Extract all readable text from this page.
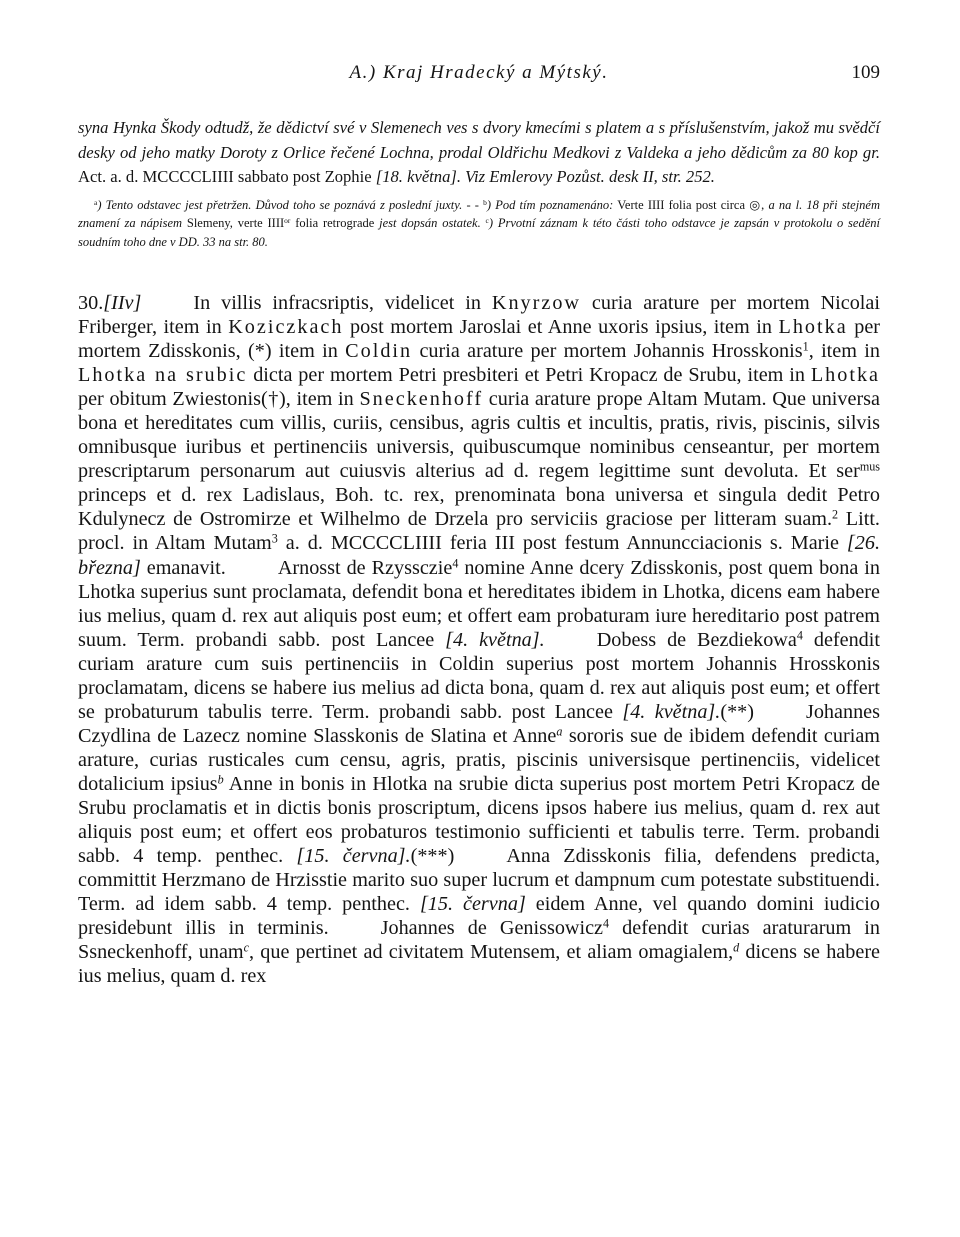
A.) Kraj Hradecký a Mýtský.	109

syna Hynka Škody odtudž, že dědictví své v Slemenech ves s dvory kmecími s platem a s příslušenstvím, jakož mu svědčí desky od jeho matky Doroty z Orlice řečené Lochna, prodal Oldřichu Medkovi z Valdeka a jeho dědicům za 80 kop gr. Act. a. d. MCCCCLIIII sabbato post Zophie [18. května]. Viz Emlerovy Pozůst. desk II, str. 252.

$^a$) Tento odstavec jest přetržen. Důvod toho se poznává z poslední juxty. - - $^b$) Pod tím poznamenáno: Verte IIII folia post circa ◎, a na l. 18 při stejném znamení za nápisem Slemeny, verte $IIII^{or}$ folia retrograde jest dopsán ostatek. $^c$) Prvotní záznam k této části toho odstavce je zapsán v protokolu o sedění soudním toho dne v DD. 33 na str. 80.

30.[IIv]	In villis infracsriptis, videlicet in Knyrzow curia arature per mortem Nicolai Friberger, item in Koziczkach post mortem Jaroslai et Anne uxoris ipsius, item in Lhotka per mortem Zdisskonis, (*) item in Coldin curia arature per mortem Johannis Hrosskonis$^1$, item in Lhotka na srubic dicta per mortem Petri presbiteri et Petri Kropacz de Srubu, item in Lhotka per obitum Zwiestonis(†), item in Sneckenhoff curia arature prope Altam Mutam. Que universa bona et hereditates cum villis, curiis, censibus, agris cultis et incultis, pratis, rivis, piscinis, silvis omnibusque iuribus et pertinenciis universis, quibuscumque nominibus censeantur, per mortem prescriptarum personarum aut cuiusvis alterius ad d. regem legittime sunt devoluta. Et ser$^{mus}$ princeps et d. rex Ladislaus, Boh. tc. rex, prenominata bona universa et singula dedit Petro Kdulynecz de Ostromirze et Wilhelmo de Drzela pro serviciis graciose per litteram suam.$^2$ Litt. procl. in Altam Mutam$^3$ a. d. MCCCCLIIII feria III post festum Annuncciacionis s. Marie [26. března] emanavit.	Arnosst de Rzyssczie$^4$ nomine Anne dcery Zdisskonis, post quem bona in Lhotka superius sunt proclamata, defendit bona et hereditates ibidem in Lhotka, dicens eam habere ius melius, quam d. rex aut aliquis post eum; et offert eam probaturam iure hereditario post patrem suum. Term. probandi sabb. post Lancee [4. května].	Dobess de Bezdiekowa$^4$ defendit curiam arature cum suis pertinenciis in Coldin superius post mortem Johannis Hrosskonis proclamatam, dicens se habere ius melius ad dicta bona, quam d. rex aut aliquis post eum; et offert se probaturum tabulis terre. Term. probandi sabb. post Lancee [4. května].(**)	Johannes Czydlina de Lazecz nomine Slasskonis de Slatina et Anne$^a$ sororis sue de ibidem defendit curiam arature, curias rusticales cum censu, agris, pratis, piscinis universisque pertinenciis, videlicet dotalicium ipsius$^b$ Anne in bonis in Hlotka na srubie dicta superius post mortem Petri Kropacz de Srubu proclamatis et in dictis bonis proscriptum, dicens ipsos habere ius melius, quam d. rex aut aliquis post eum; et offert eos probaturos testimonio sufficienti et tabulis terre. Term. probandi sabb. 4 temp. penthec. [15. června].(***)	Anna Zdisskonis filia, defendens predicta, committit Herzmano de Hrzisstie marito suo super lucrum et dampnum cum potestate substituendi. Term. ad idem sabb. 4 temp. penthec. [15. června] eidem Anne, vel quando domini iudicio presidebunt illis in terminis.	Johannes de Genissowicz$^4$ defendit curias araturarum in Ssneckenhoff, unam$^c$, que pertinet ad civitatem Mutensem, et aliam omagialem,$^d$ dicens se habere ius melius, quam d. rex
